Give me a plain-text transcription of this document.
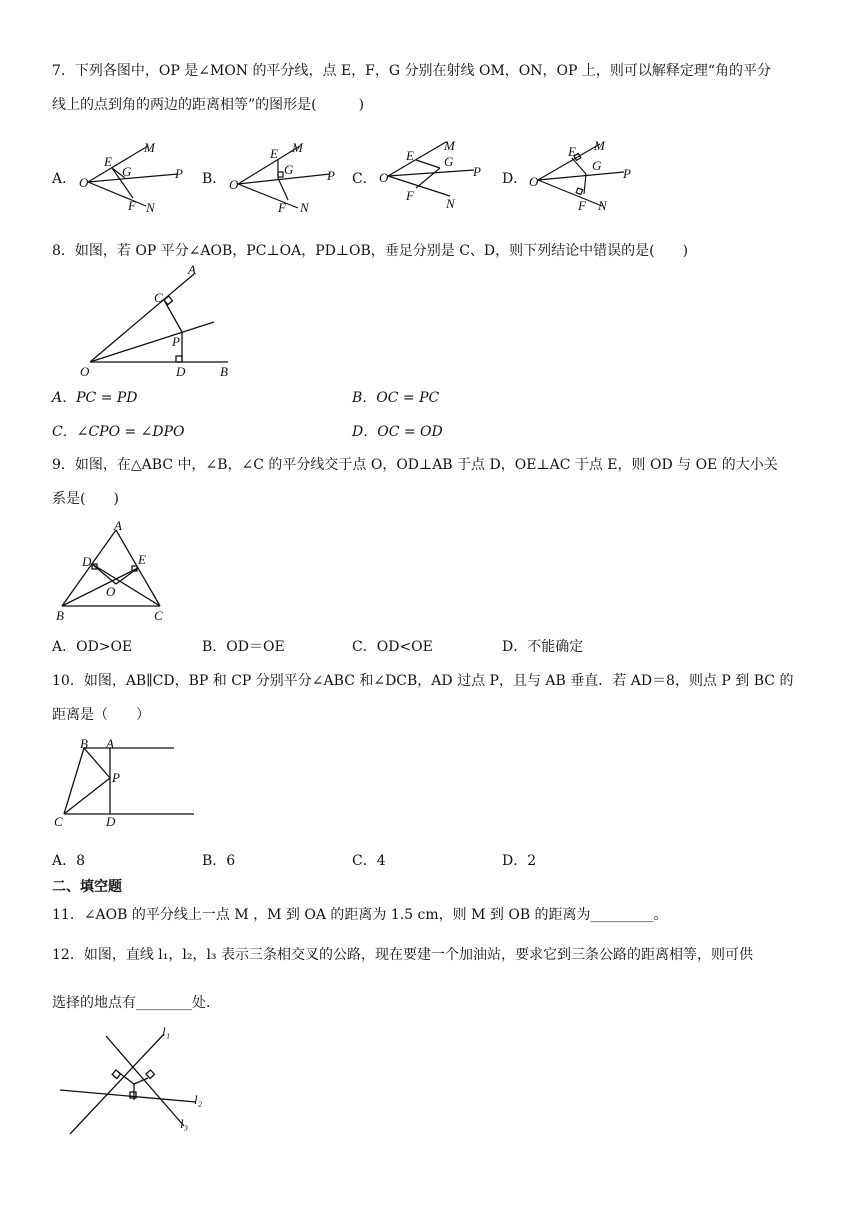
7．下列各图中，OP 是∠MON 的平分线，点 E，F，G 分别在射线 OM，ON，OP 上，则可以解释定理“角的平分
线上的点到角的两边的距离相等”的图形是(　　　)
A．	B．	C．	D．
O
E
M
G	P
F N
O
E M
G	P
F N
O
E
M
G
P
F
N
O
E M
G
P
F N
8．如图，若 OP 平分∠AOB，PC⊥OA，PD⊥OB，垂足分别是 C、D，则下列结论中错误的是(　　)
O
A
C
P
D	B
A．PC = PD	B．OC = PC
C．∠CPO = ∠DPO	D．OC = OD
9．如图，在△ABC 中，∠B，∠C 的平分线交于点 O，OD⊥AB 于点 D，OE⊥AC 于点 E，则 OD 与 OE 的大小关
系是(　　)
A
D	E
O
B	C
A．OD>OE	B．OD＝OE	C．OD<OE	D．不能确定
10．如图，AB∥CD，BP 和 CP 分别平分∠ABC 和∠DCB，AD 过点 P，且与 AB 垂直．若 AD＝8，则点 P 到 BC 的
距离是（　　）
B A
P
C	D
A．8	B．6	C．4	D．2
二、填空题
11．∠AOB 的平分线上一点 M ，M 到 OA 的距离为 1.5 cm，则 M 到 OB 的距离为_________。
12．如图，直线 l₁，l₂，l₃ 表示三条相交叉的公路，现在要建一个加油站，要求它到三条公路的距离相等，则可供
选择的地点有________处.
l₁
l₂
l₃
